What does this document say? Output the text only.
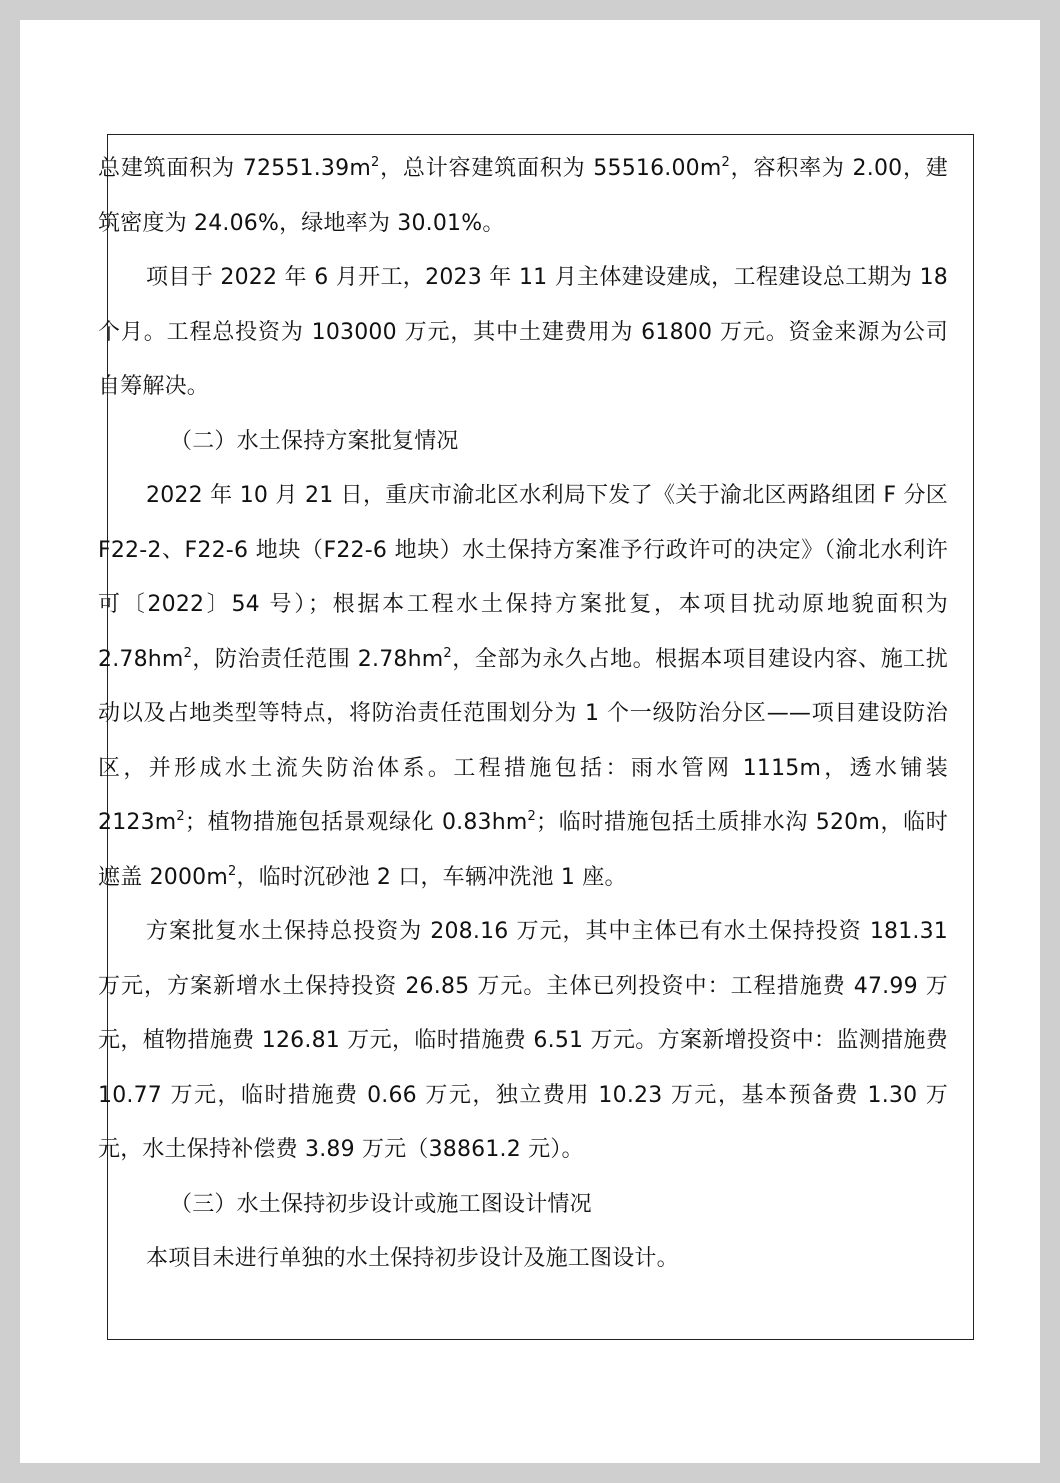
总建筑面积为 $72551.39m^2$，总计容建筑面积为 $55516.00m^2$，容积率为 2.00，建筑密度为 24.06%，绿地率为 30.01%。

项目于 2022 年 6 月开工，2023 年 11 月主体建设建成，工程建设总工期为 18 个月。工程总投资为 103000 万元，其中土建费用为 61800 万元。资金来源为公司自筹解决。

（二）水土保持方案批复情况

2022 年 10 月 21 日，重庆市渝北区水利局下发了《关于渝北区两路组团 F 分区 F22-2、F22-6 地块（F22-6 地块）水土保持方案准予行政许可的决定》（渝北水利许可〔2022〕54 号）；根据本工程水土保持方案批复，本项目扰动原地貌面积为 $2.78hm^2$，防治责任范围 $2.78hm^2$，全部为永久占地。根据本项目建设内容、施工扰动以及占地类型等特点，将防治责任范围划分为 1 个一级防治分区——项目建设防治区，并形成水土流失防治体系。工程措施包括：雨水管网 1115m，透水铺装 $2123m^2$；植物措施包括景观绿化 $0.83hm^2$；临时措施包括土质排水沟 520m，临时遮盖 $2000m^2$，临时沉砂池 2 口，车辆冲洗池 1 座。

方案批复水土保持总投资为 208.16 万元，其中主体已有水土保持投资 181.31 万元，方案新增水土保持投资 26.85 万元。主体已列投资中：工程措施费 47.99 万元，植物措施费 126.81 万元，临时措施费 6.51 万元。方案新增投资中：监测措施费 10.77 万元，临时措施费 0.66 万元，独立费用 10.23 万元，基本预备费 1.30 万元，水土保持补偿费 3.89 万元（38861.2 元）。

（三）水土保持初步设计或施工图设计情况

本项目未进行单独的水土保持初步设计及施工图设计。
